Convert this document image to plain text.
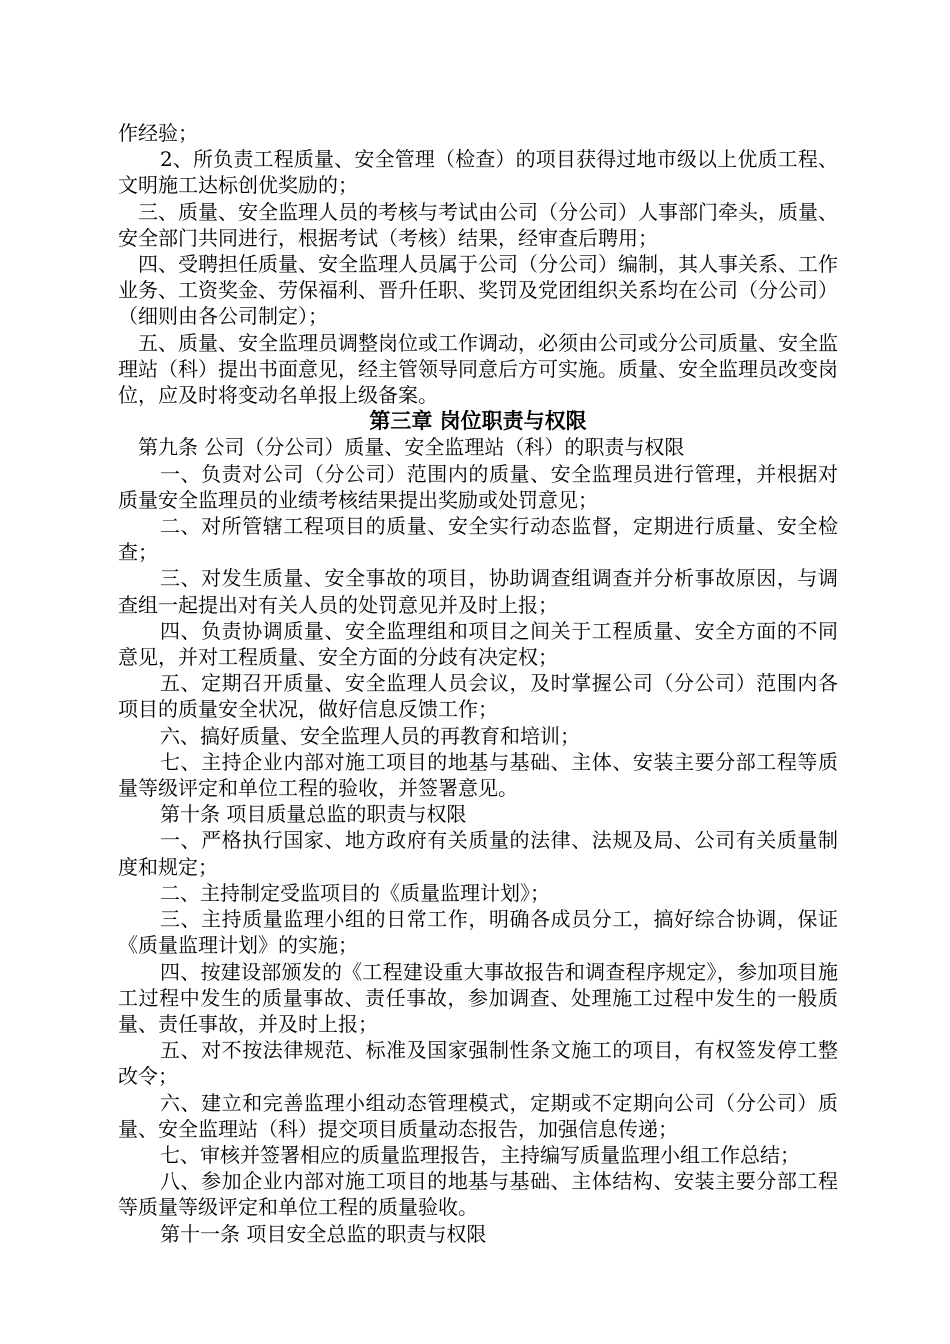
作经验；

2、所负责工程质量、安全管理（检查）的项目获得过地市级以上优质工程、文明施工达标创优奖励的；

三、质量、安全监理人员的考核与考试由公司（分公司）人事部门牵头，质量、安全部门共同进行，根据考试（考核）结果，经审查后聘用；

四、受聘担任质量、安全监理人员属于公司（分公司）编制，其人事关系、工作业务、工资奖金、劳保福利、晋升任职、奖罚及党团组织关系均在公司（分公司）（细则由各公司制定）；

五、质量、安全监理员调整岗位或工作调动，必须由公司或分公司质量、安全监理站（科）提出书面意见，经主管领导同意后方可实施。质量、安全监理员改变岗位，应及时将变动名单报上级备案。

第三章 岗位职责与权限

第九条 公司（分公司）质量、安全监理站（科）的职责与权限

一、负责对公司（分公司）范围内的质量、安全监理员进行管理，并根据对质量安全监理员的业绩考核结果提出奖励或处罚意见；

二、对所管辖工程项目的质量、安全实行动态监督，定期进行质量、安全检查；

三、对发生质量、安全事故的项目，协助调查组调查并分析事故原因，与调查组一起提出对有关人员的处罚意见并及时上报；

四、负责协调质量、安全监理组和项目之间关于工程质量、安全方面的不同意见，并对工程质量、安全方面的分歧有决定权；

五、定期召开质量、安全监理人员会议，及时掌握公司（分公司）范围内各项目的质量安全状况，做好信息反馈工作；

六、搞好质量、安全监理人员的再教育和培训；

七、主持企业内部对施工项目的地基与基础、主体、安装主要分部工程等质量等级评定和单位工程的验收，并签署意见。

第十条 项目质量总监的职责与权限

一、严格执行国家、地方政府有关质量的法律、法规及局、公司有关质量制度和规定；

二、主持制定受监项目的《质量监理计划》；

三、主持质量监理小组的日常工作，明确各成员分工，搞好综合协调，保证《质量监理计划》的实施；

四、按建设部颁发的《工程建设重大事故报告和调查程序规定》，参加项目施工过程中发生的质量事故、责任事故，参加调查、处理施工过程中发生的一般质量、责任事故，并及时上报；

五、对不按法律规范、标准及国家强制性条文施工的项目，有权签发停工整改令；

六、建立和完善监理小组动态管理模式，定期或不定期向公司（分公司）质量、安全监理站（科）提交项目质量动态报告，加强信息传递；

七、审核并签署相应的质量监理报告，主持编写质量监理小组工作总结；

八、参加企业内部对施工项目的地基与基础、主体结构、安装主要分部工程等质量等级评定和单位工程的质量验收。

第十一条 项目安全总监的职责与权限
